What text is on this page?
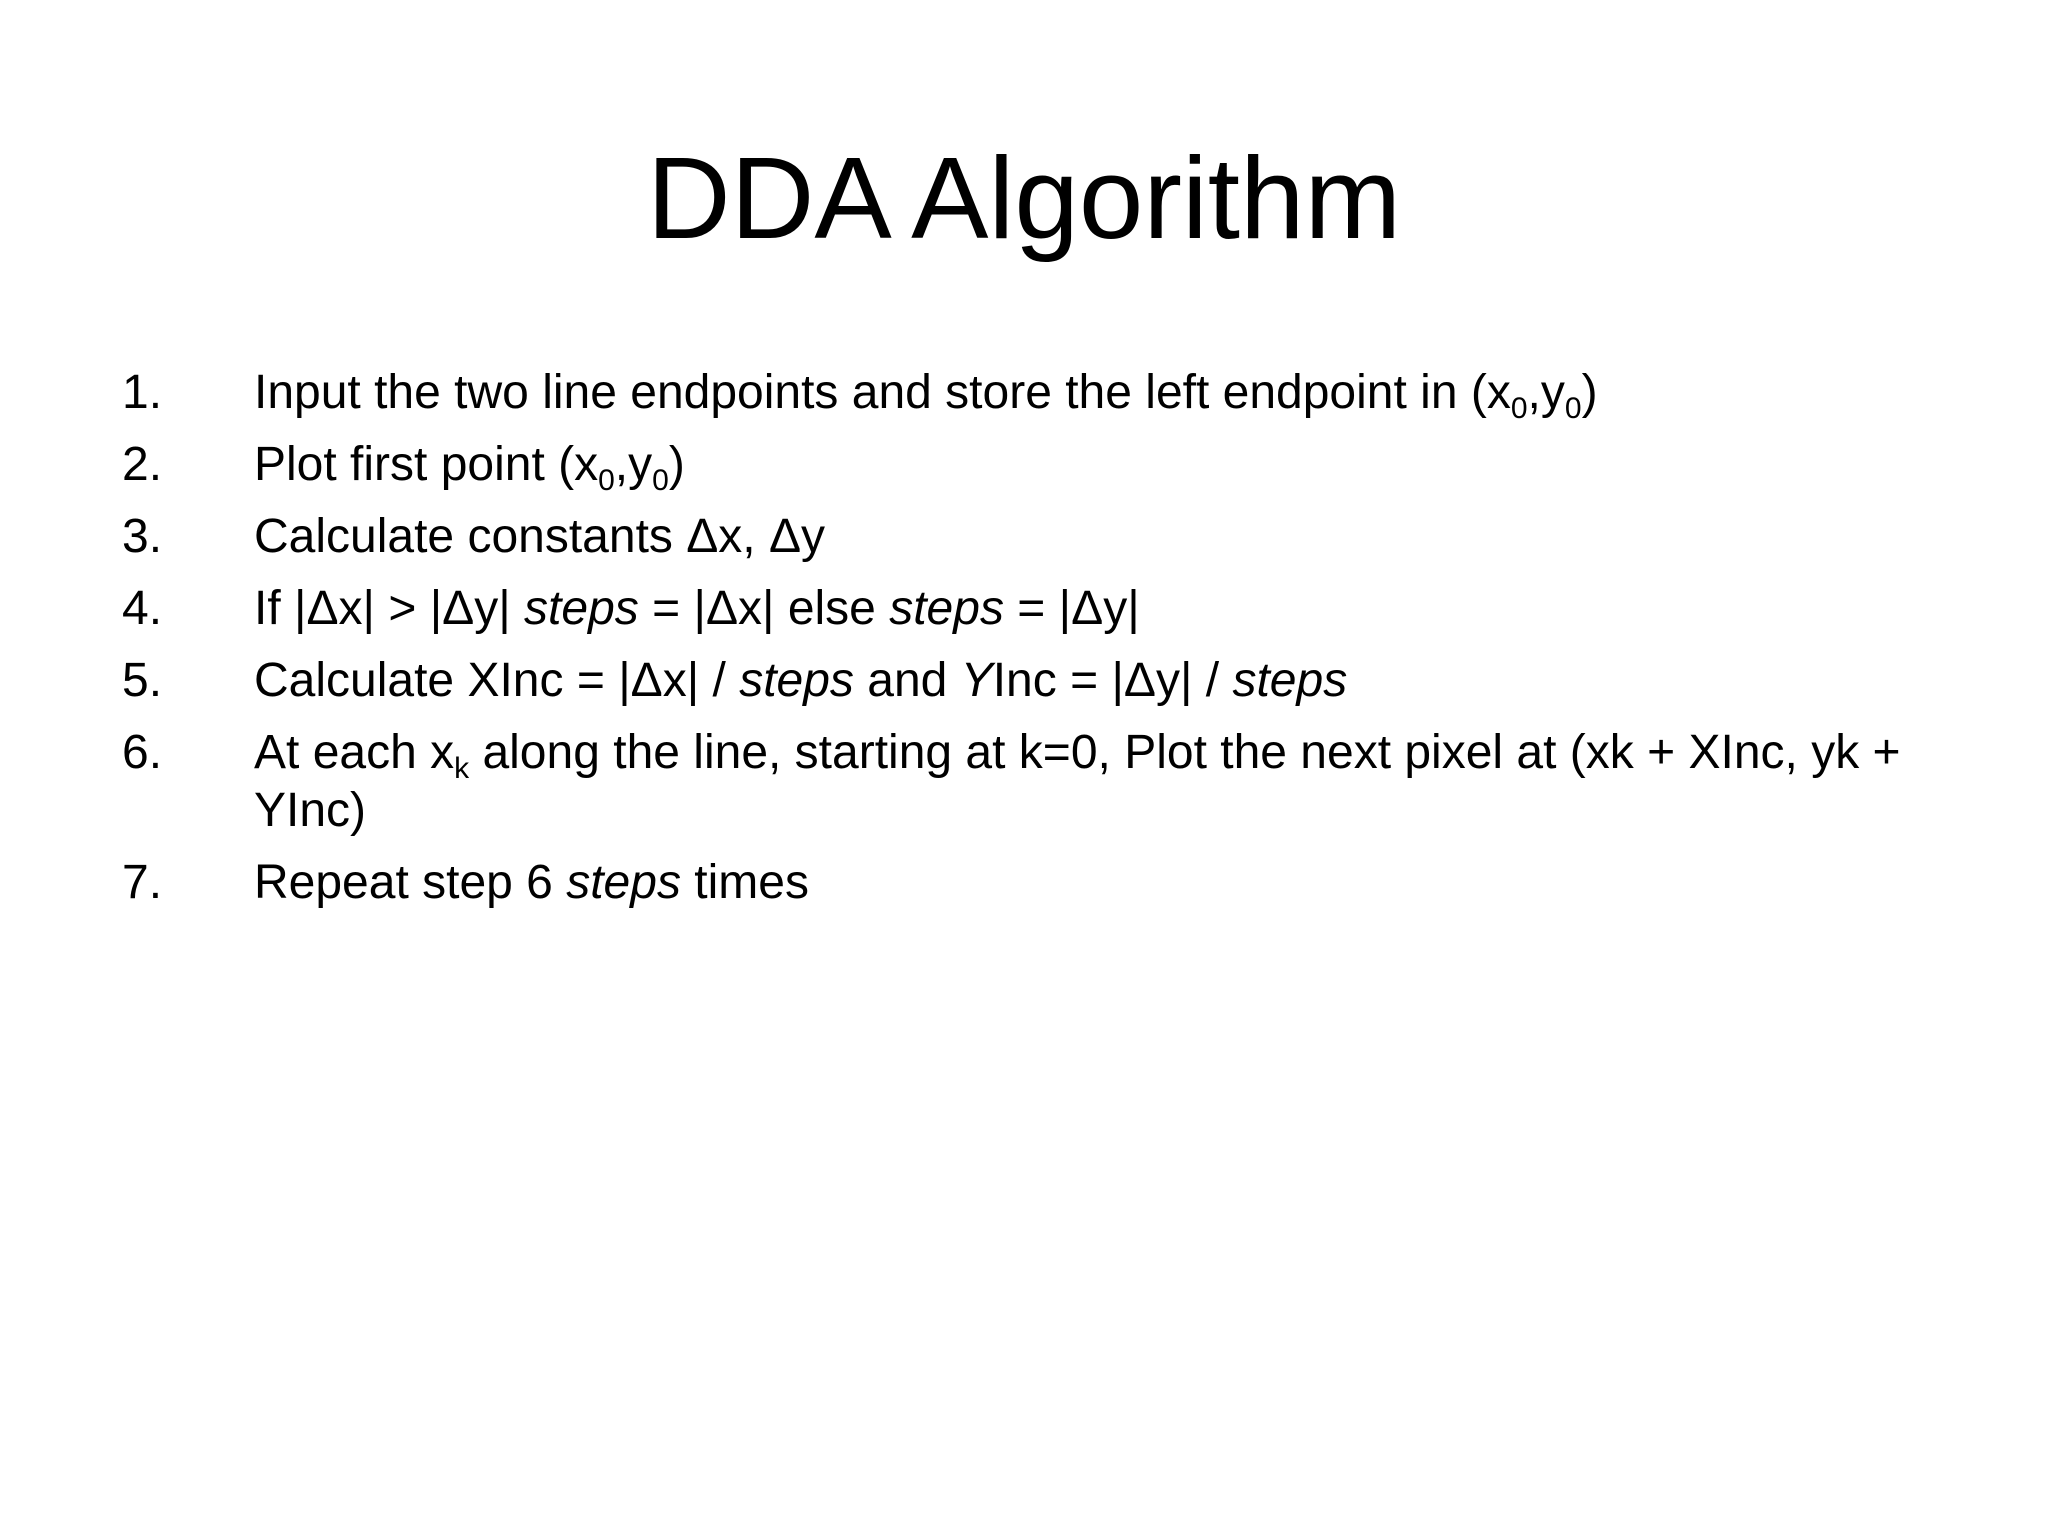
DDA Algorithm
1.	Input the two line endpoints and store the left endpoint in $(x_0,y_0)$
2.	Plot first point $(x_0,y_0)$
3.	Calculate constants Δx, Δy
4.	If |Δx| > |Δy| steps = |Δx| else steps = |Δy|
5.	Calculate XInc = |Δx| / steps and YInc = |Δy| / steps
6.	At each $x_k$ along the line, starting at k=0, Plot the next pixel at (xk + XInc, yk + YInc)
7.	Repeat step 6 steps times
